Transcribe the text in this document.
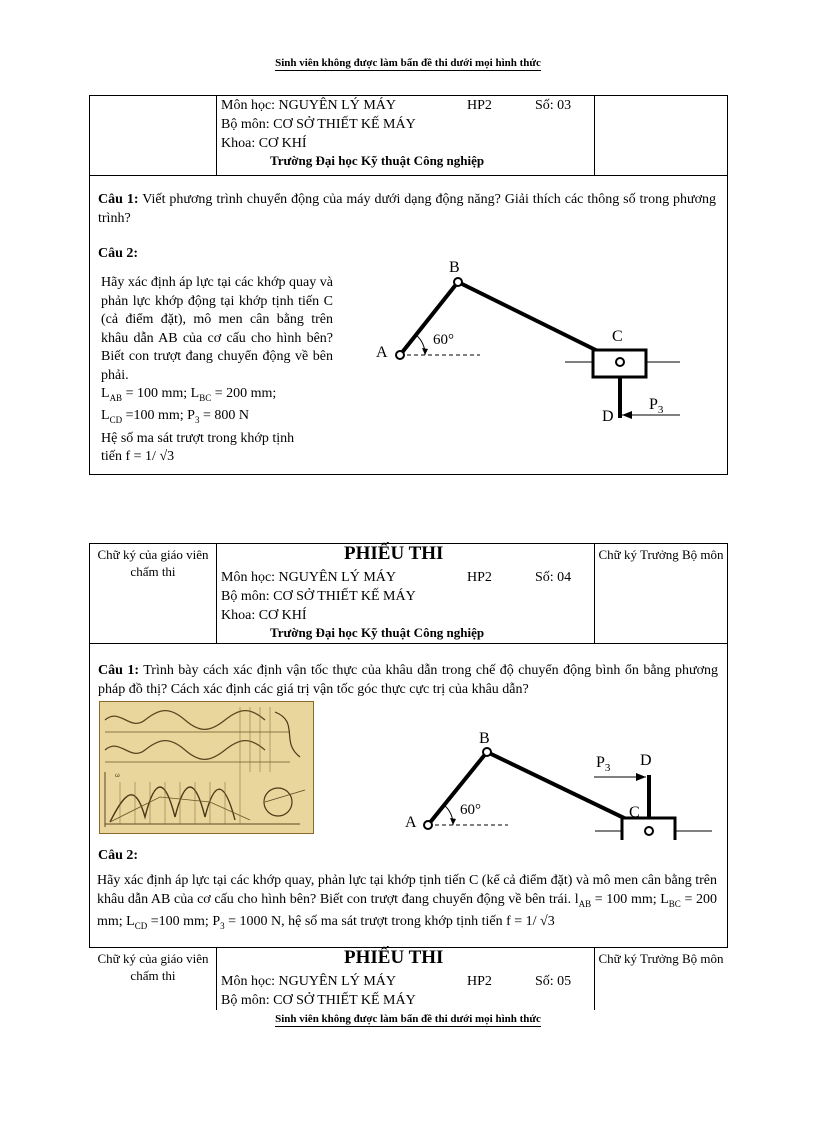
Sinh viên không được làm bẩn đề thi dưới mọi hình thức
Môn học: NGUYÊN LÝ MÁY	HP2	Số: 03
Bộ môn: CƠ SỞ THIẾT KẾ MÁY
Khoa: CƠ KHÍ
Trường Đại học Kỹ thuật Công nghiệp
Câu 1: Viết phương trình chuyển động của máy dưới dạng động năng? Giải thích các thông số trong phương trình?
Câu 2:
Hãy xác định áp lực tại các khớp quay và phản lực khớp động tại khớp tịnh tiến C (cả điểm đặt), mô men cân bằng trên khâu dẫn AB của cơ cấu cho hình bên? Biết con trượt đang chuyển động về bên phải.
$L_{AB} = 100$ mm; $L_{BC} = 200$ mm;
$L_{CD} =100$ mm; $P_3 = 800$ N
Hệ số ma sát trượt trong khớp tịnh
tiến f = 1/ √3
A
B
C
D
60°
$P_3$
Chữ ký của giáo viên chấm thi
Chữ ký Trưởng Bộ môn
PHIẾU THI
Môn học: NGUYÊN LÝ MÁY	HP2	Số: 04
Bộ môn: CƠ SỞ THIẾT KẾ MÁY
Khoa: CƠ KHÍ
Trường Đại học Kỹ thuật Công nghiệp
Câu 1: Trình bày cách xác định vận tốc thực của khâu dẫn trong chế độ chuyển động bình ổn bằng phương pháp đồ thị? Cách xác định các giá trị vận tốc góc thực cực trị của khâu dẫn?
ω
A
B
C
D
60°
$P_3$
Câu 2:
Hãy xác định áp lực tại các khớp quay, phản lực tại khớp tịnh tiến C (kể cả điểm đặt) và mô men cân bằng trên khâu dẫn AB của cơ cấu cho hình bên? Biết con trượt đang chuyển động về bên trái. $l_{AB} = 100$ mm; $L_{BC} = 200$ mm; $L_{CD} =100$ mm; $P_3 = 1000$ N, hệ số ma sát trượt trong khớp tịnh tiến f = 1/ √3
Chữ ký của giáo viên chấm thi
Chữ ký Trưởng Bộ môn
PHIẾU THI
Môn học: NGUYÊN LÝ MÁY	HP2	Số: 05
Bộ môn: CƠ SỞ THIẾT KẾ MÁY
Sinh viên không được làm bẩn đề thi dưới mọi hình thức
